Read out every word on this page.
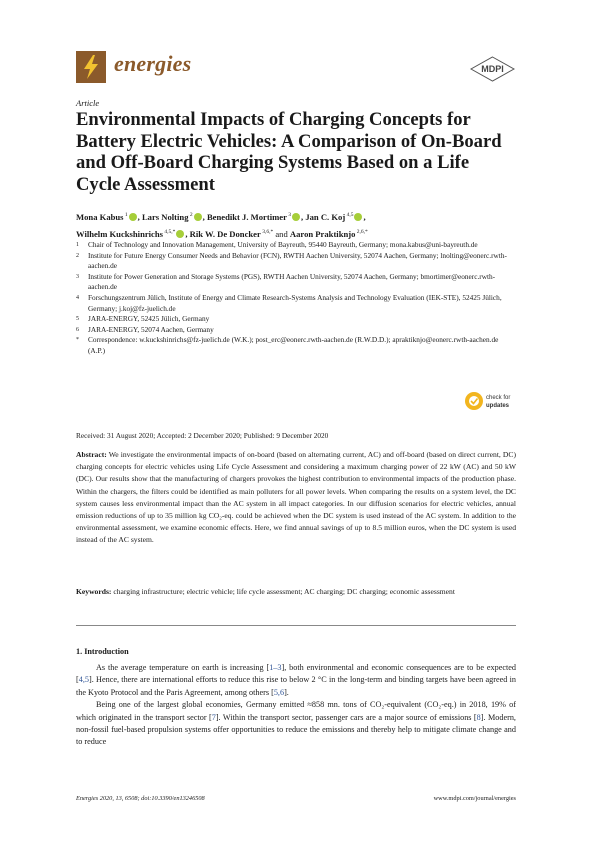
energies	MDPI
Article
Environmental Impacts of Charging Concepts for Battery Electric Vehicles: A Comparison of On-Board and Off-Board Charging Systems Based on a Life Cycle Assessment
Mona Kabus $^1$ , Lars Nolting $^2$ , Benedikt J. Mortimer $^3$ , Jan C. Koj $^{4,5}$ ,
Wilhelm Kuckshinrichs $^{4,5,*}$ , Rik W. De Doncker $^{3,6,*}$ and Aaron Praktiknjo $^{2,6,*}$
1	Chair of Technology and Innovation Management, University of Bayreuth, 95440 Bayreuth, Germany; mona.kabus@uni-bayreuth.de
2	Institute for Future Energy Consumer Needs and Behavior (FCN), RWTH Aachen University, 52074 Aachen, Germany; lnolting@eonerc.rwth-aachen.de
3	Institute for Power Generation and Storage Systems (PGS), RWTH Aachen University, 52074 Aachen, Germany; bmortimer@eonerc.rwth-aachen.de
4	Forschungszentrum Jülich, Institute of Energy and Climate Research-Systems Analysis and Technology Evaluation (IEK-STE), 52425 Jülich, Germany; j.koj@fz-juelich.de
5	JARA-ENERGY, 52425 Jülich, Germany
6	JARA-ENERGY, 52074 Aachen, Germany
*	Correspondence: w.kuckshinrichs@fz-juelich.de (W.K.); post_erc@eonerc.rwth-aachen.de (R.W.D.D.); apraktiknjo@eonerc.rwth-aachen.de (A.P.)
check for
updates
Received: 31 August 2020; Accepted: 2 December 2020; Published: 9 December 2020
Abstract: We investigate the environmental impacts of on-board (based on alternating current, AC) and off-board (based on direct current, DC) charging concepts for electric vehicles using Life Cycle Assessment and considering a maximum charging power of 22 kW (AC) and 50 kW (DC). Our results show that the manufacturing of chargers provokes the highest contribution to environmental impacts of the production phase. Within the chargers, the filters could be identified as main polluters for all power levels. When comparing the results on a system level, the DC system causes less environmental impact than the AC system in all impact categories. In our diffusion scenarios for electric vehicles, annual emission reductions of up to 35 million kg CO₂-eq. could be achieved when the DC system is used instead of the AC system. In addition to the environmental assessment, we examine economic effects. Here, we find annual savings of up to 8.5 million euros, when the DC system is used instead of the AC system.
Keywords: charging infrastructure; electric vehicle; life cycle assessment; AC charging; DC charging; economic assessment
1. Introduction

As the average temperature on earth is increasing [1–3], both environmental and economic consequences are to be expected [4,5]. Hence, there are international efforts to reduce this rise to below 2 °C in the long-term and binding targets have been agreed in the Kyoto Protocol and the Paris Agreement, among others [5,6].

Being one of the largest global economies, Germany emitted ≈858 mn. tons of CO₂-equivalent (CO₂-eq.) in 2018, 19% of which originated in the transport sector [7]. Within the transport sector, passenger cars are a major source of emissions [8]. Modern, non-fossil fuel-based propulsion systems offer opportunities to reduce the emissions and thereby help to mitigate climate change and to reduce

Energies 2020, 13, 6508; doi:10.3390/en13246508	www.mdpi.com/journal/energies
